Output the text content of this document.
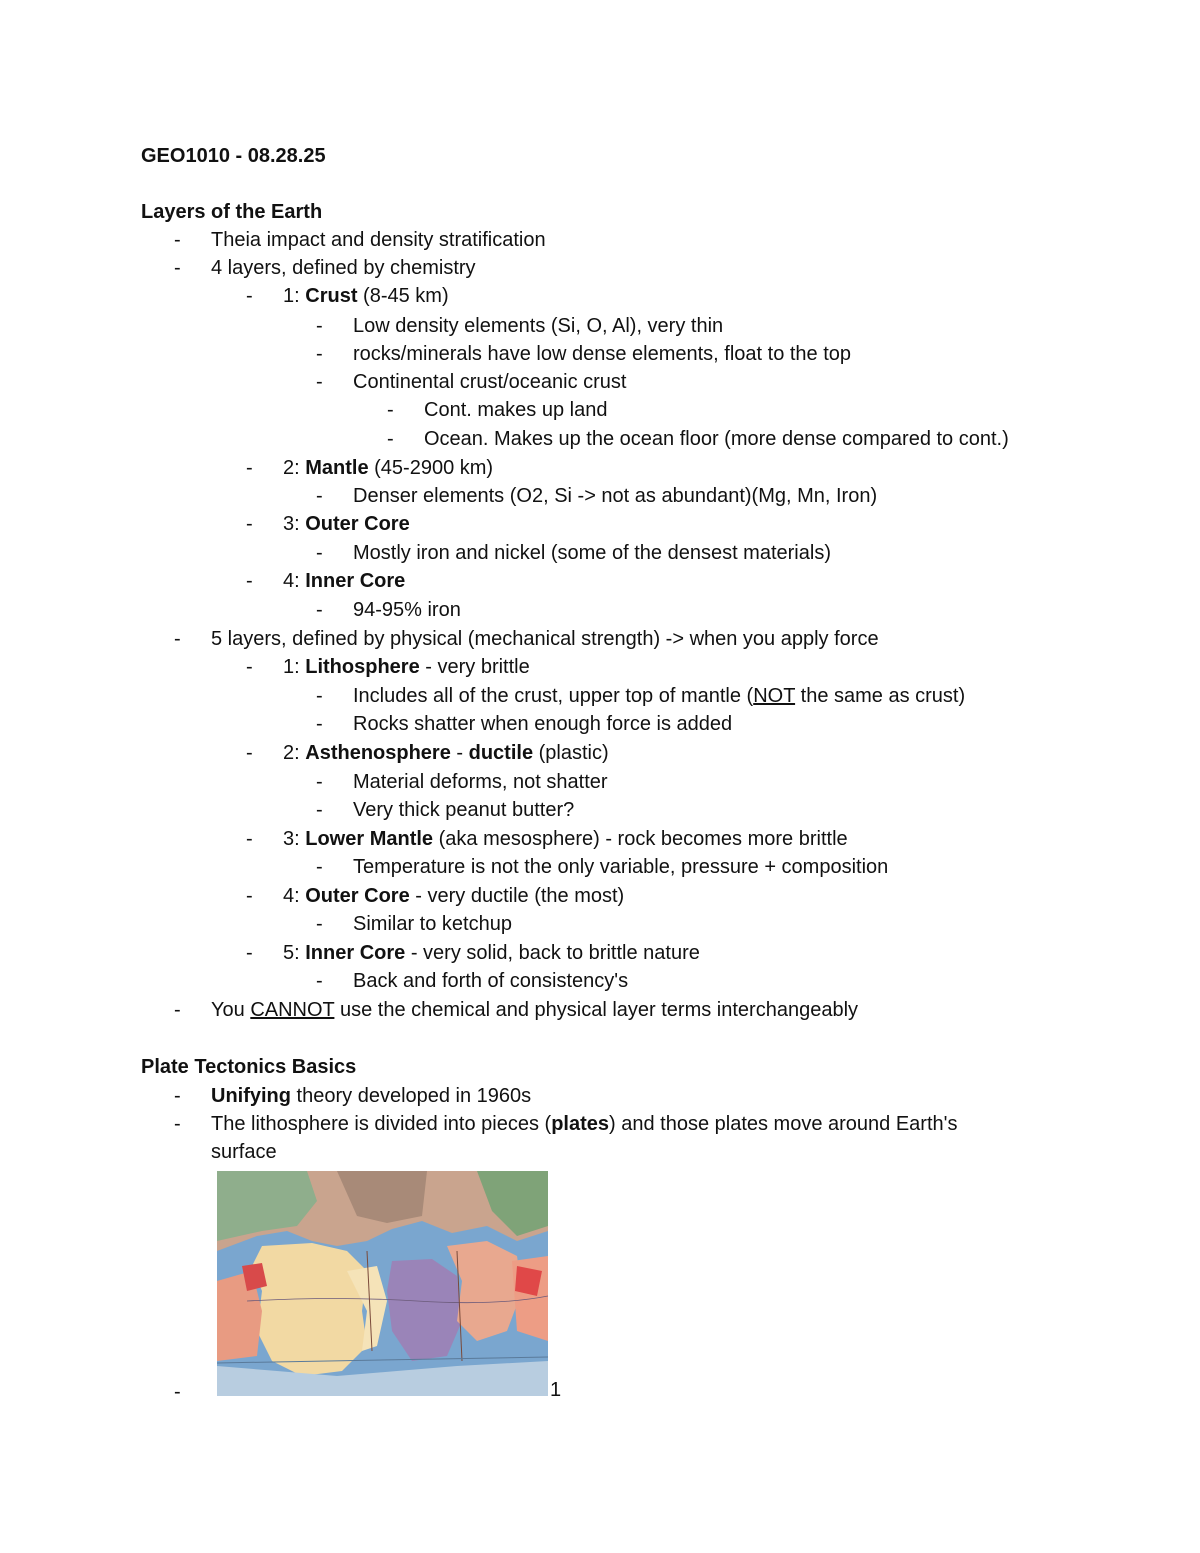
GEO1010 - 08.28.25
Layers of the Earth
- Theia impact and density stratification
- 4 layers, defined by chemistry
- 1: Crust (8-45 km)
- Low density elements (Si, O, Al), very thin
- rocks/minerals have low dense elements, float to the top
- Continental crust/oceanic crust
- Cont. makes up land
- Ocean. Makes up the ocean floor (more dense compared to cont.)
- 2: Mantle (45-2900 km)
- Denser elements (O2, Si -> not as abundant)(Mg, Mn, Iron)
- 3: Outer Core
- Mostly iron and nickel (some of the densest materials)
- 4: Inner Core
- 94-95% iron
- 5 layers, defined by physical (mechanical strength) -> when you apply force
- 1: Lithosphere - very brittle
- Includes all of the crust, upper top of mantle (NOT the same as crust)
- Rocks shatter when enough force is added
- 2: Asthenosphere - ductile (plastic)
- Material deforms, not shatter
- Very thick peanut butter?
- 3: Lower Mantle (aka mesosphere) - rock becomes more brittle
- Temperature is not the only variable, pressure + composition
- 4: Outer Core - very ductile (the most)
- Similar to ketchup
- 5: Inner Core - very solid, back to brittle nature
- Back and forth of consistency's
- You CANNOT use the chemical and physical layer terms interchangeably
Plate Tectonics Basics
- Unifying theory developed in 1960s
- The lithosphere is divided into pieces (plates) and those plates move around Earth's
surface
-	1
